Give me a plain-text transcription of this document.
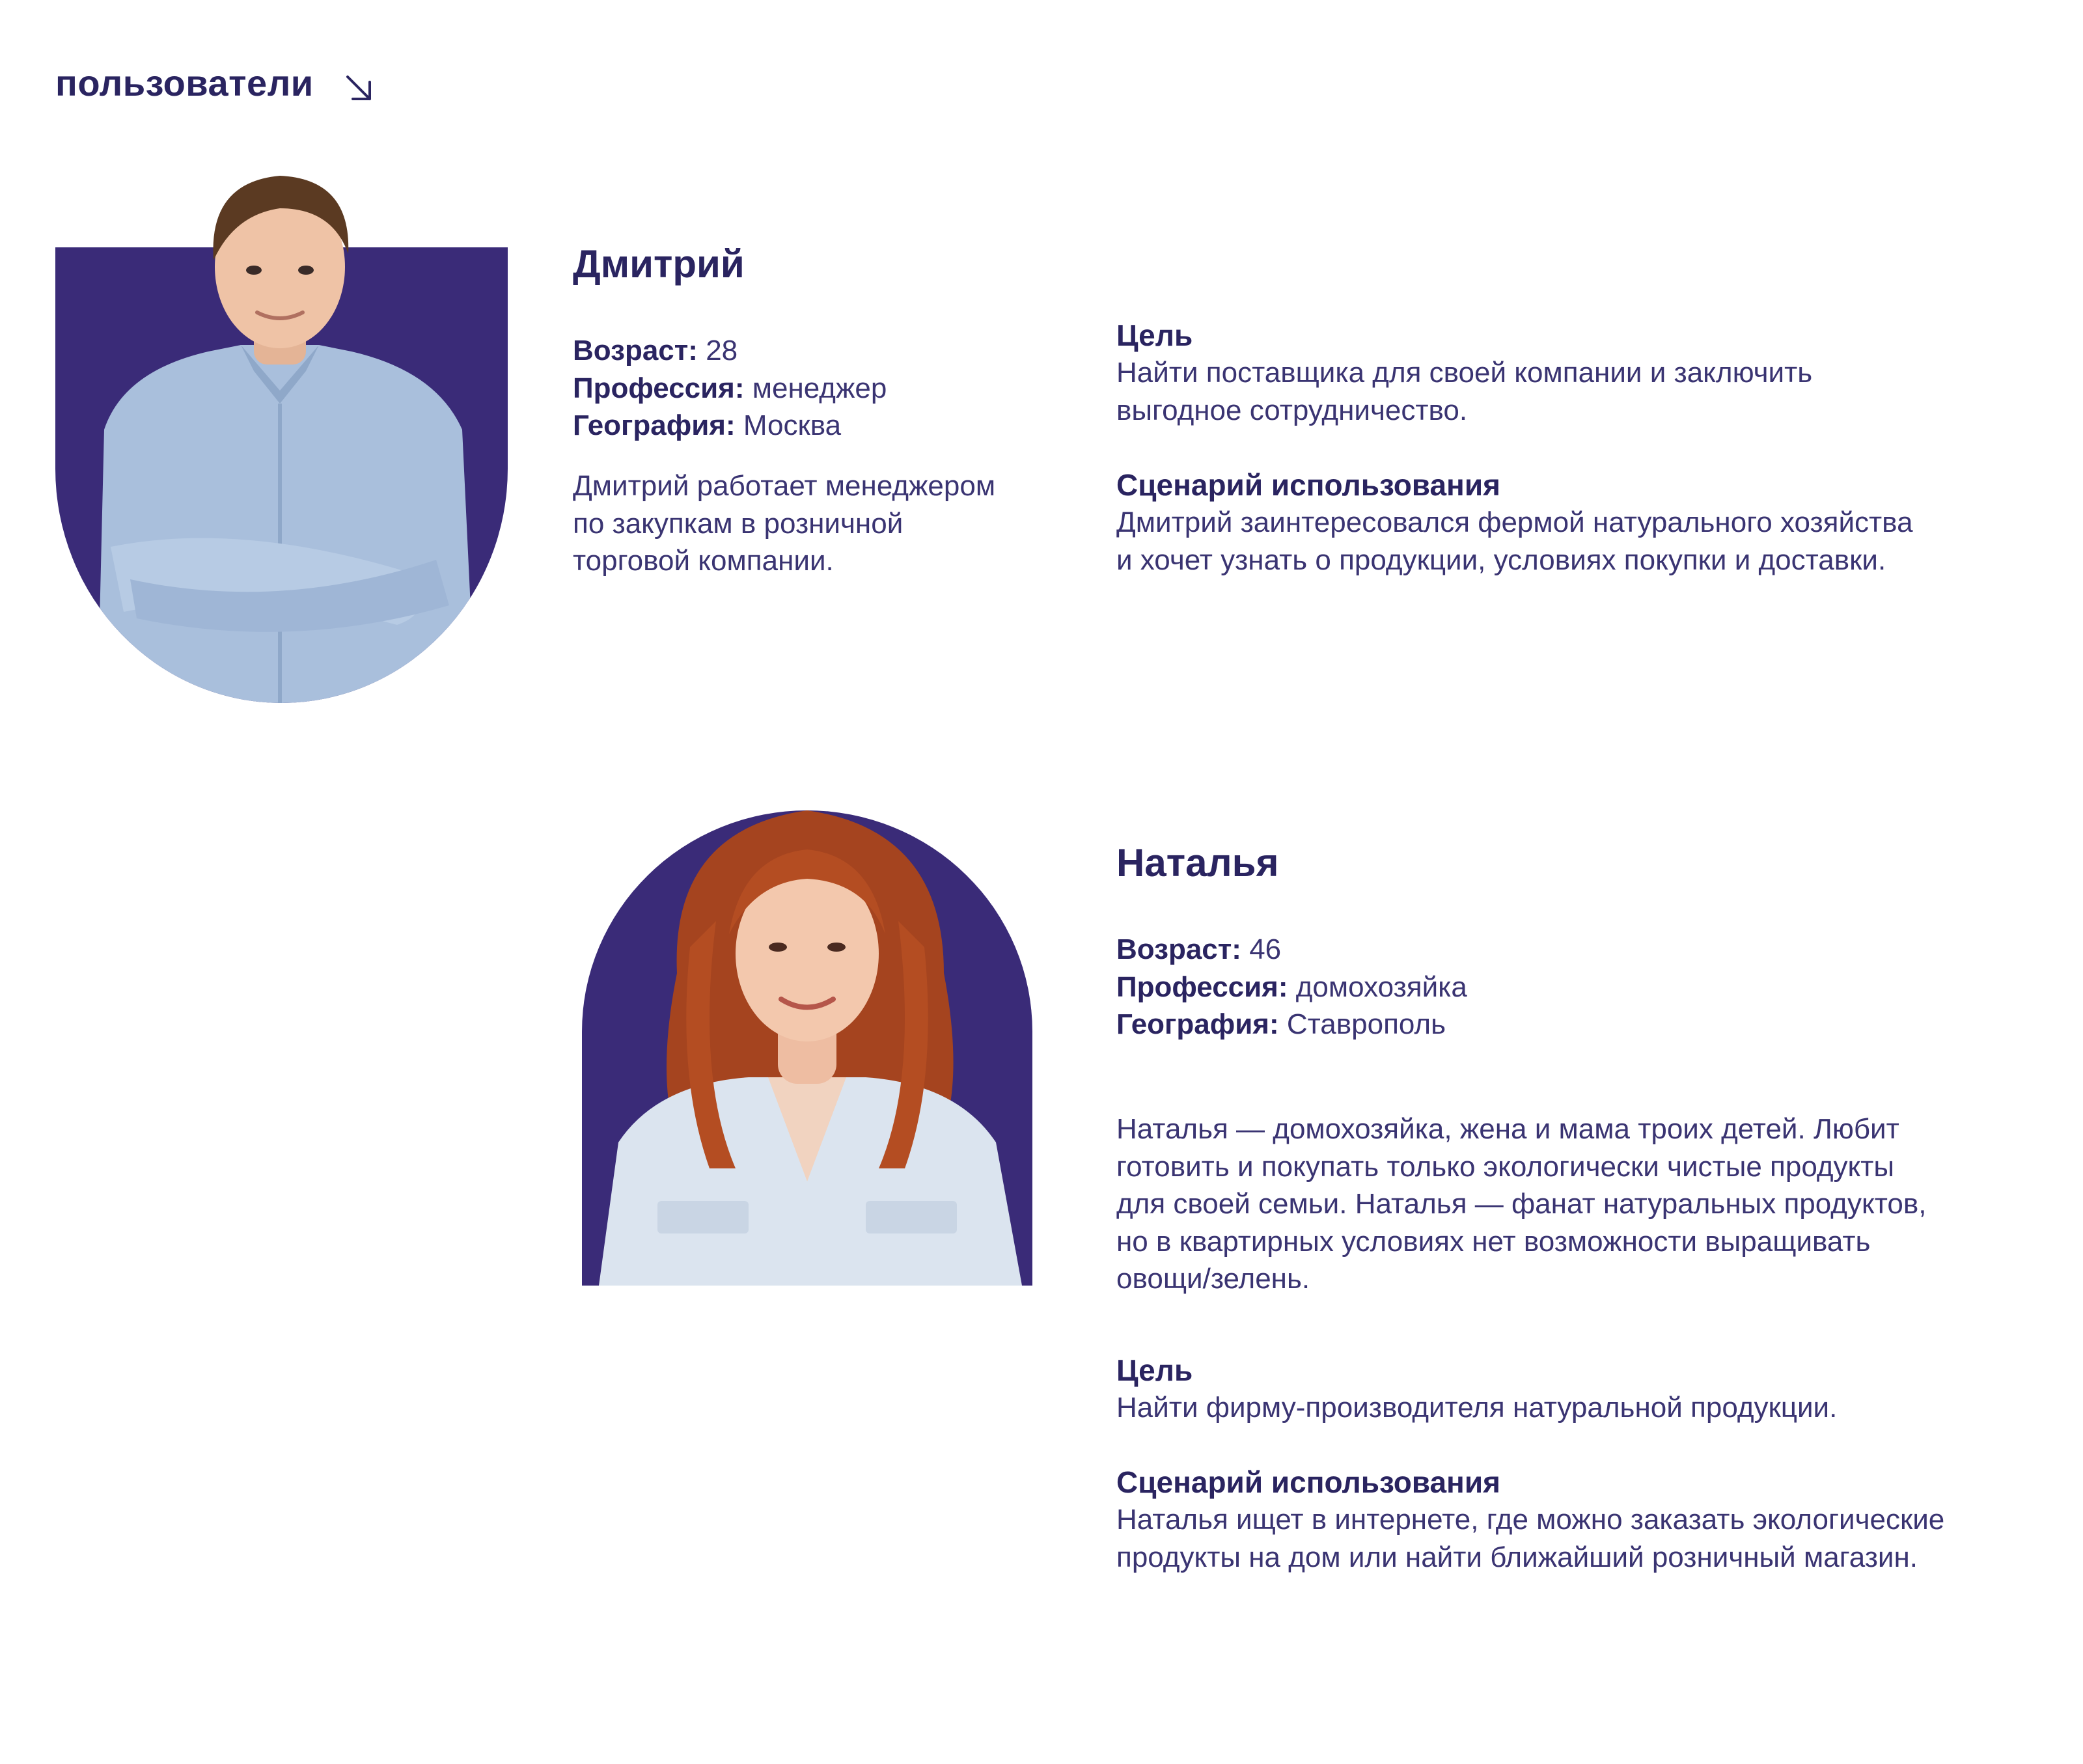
пользователи
Дмитрий
Возраст: 28
Профессия: менеджер
География: Москва
Дмитрий работает менеджером
по закупкам в розничной
торговой компании.
Цель
Найти поставщика для своей компании и заключить
выгодное сотрудничество.
Сценарий использования
Дмитрий заинтересовался фермой натурального хозяйства
и хочет узнать о продукции, условиях покупки и доставки.
Наталья
Возраст: 46
Профессия: домохозяйка
География: Ставрополь
Наталья — домохозяйка, жена и мама троих детей. Любит
готовить и покупать только экологически чистые продукты
для своей семьи. Наталья — фанат натуральных продуктов,
но в квартирных условиях нет возможности выращивать
овощи/зелень.
Цель
Найти фирму-производителя натуральной продукции.
Сценарий использования
Наталья ищет в интернете, где можно заказать экологические
продукты на дом или найти ближайший розничный магазин.
